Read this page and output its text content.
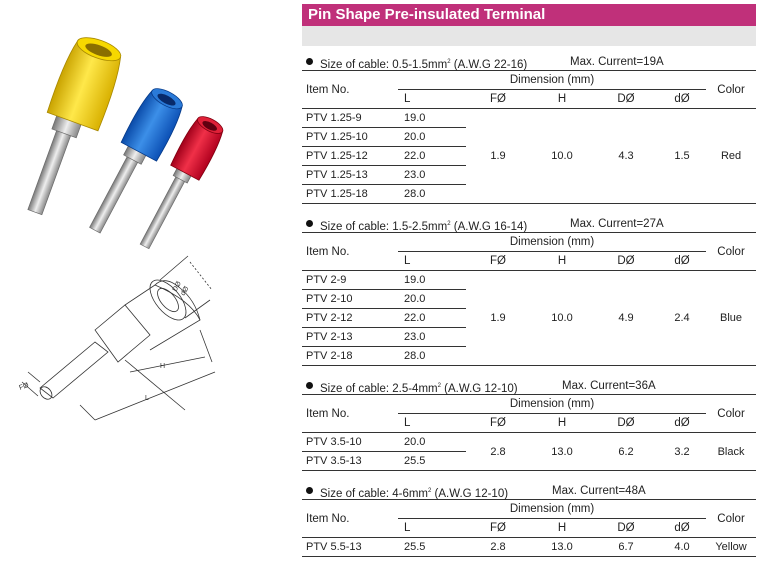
dØ
DØ
H
L
FØ
Pin Shape Pre-insulated Terminal
Size of cable: $0.5-1.5mm^2$ (A.W.G 22-16)	Max. Current=19A
Item No.	Dimension (mm)					Color
	L	FØ	H	DØ	dØ	
PTV 1.25-9	19.0	1.9	10.0	4.3	1.5	Red
PTV 1.25-10	20.0					
PTV 1.25-12	22.0					
PTV 1.25-13	23.0					
PTV 1.25-18	28.0					
Size of cable: $1.5-2.5mm^2$ (A.W.G 16-14)	Max. Current=27A
Item No.	Dimension (mm)					Color
	L	FØ	H	DØ	dØ	
PTV 2-9	19.0	1.9	10.0	4.9	2.4	Blue
PTV 2-10	20.0					
PTV 2-12	22.0					
PTV 2-13	23.0					
PTV 2-18	28.0					
Size of cable: $2.5-4mm^2$ (A.W.G 12-10)	Max. Current=36A
Item No.	Dimension (mm)					Color
	L	FØ	H	DØ	dØ	
PTV 3.5-10	20.0	2.8	13.0	6.2	3.2	Black
PTV 3.5-13	25.5					
Size of cable: $4-6mm^2$ (A.W.G 12-10)	Max. Current=48A
Item No.	Dimension (mm)					Color
	L	FØ	H	DØ	dØ	
PTV 5.5-13	25.5	2.8	13.0	6.7	4.0	Yellow
